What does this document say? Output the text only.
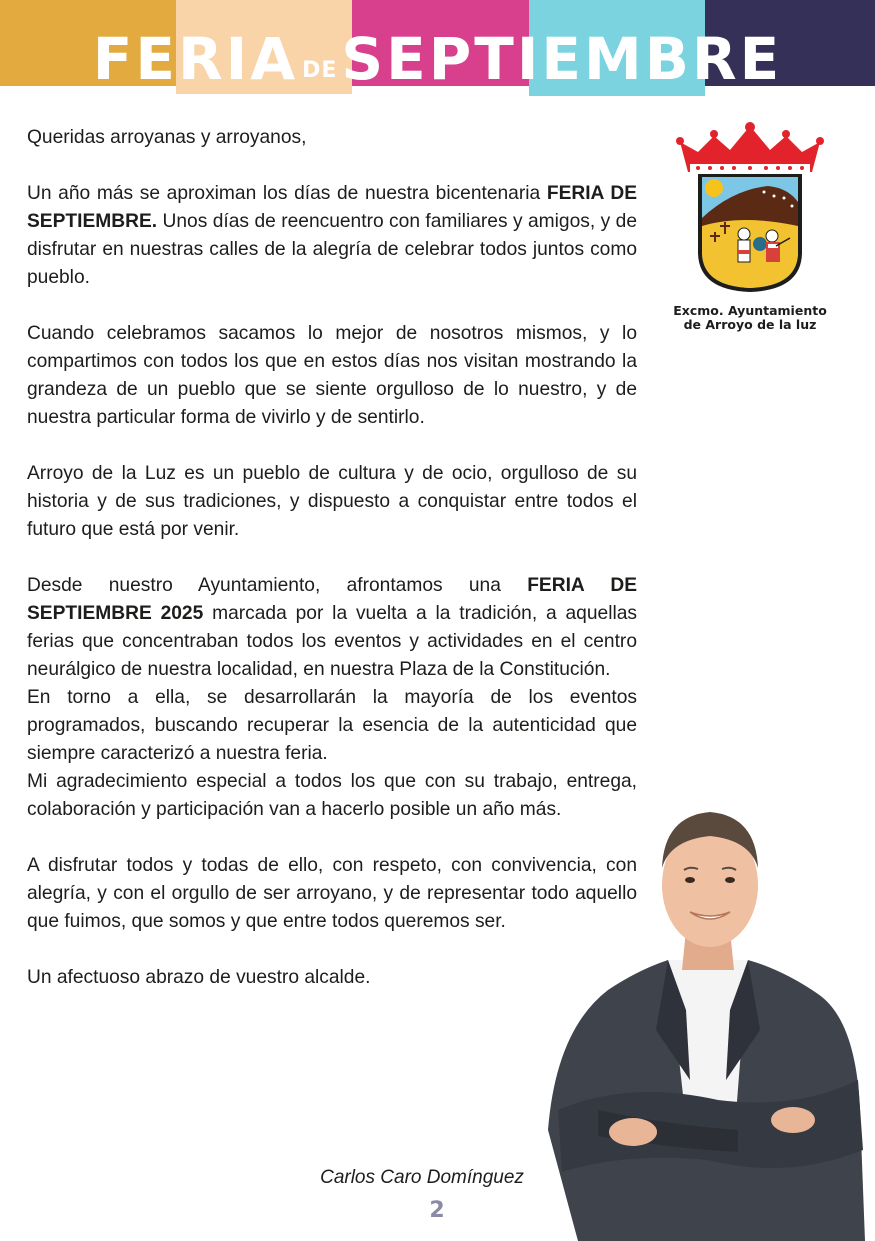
FERIA DE SEPTIEMBRE

Queridas arroyanas y arroyanos,

Un año más se aproximan los días de nuestra bicentenaria FERIA DE SEPTIEMBRE. Unos días de reencuentro con familiares y amigos, y de disfrutar en nuestras calles de la alegría de celebrar todos juntos como pueblo.

Cuando celebramos sacamos lo mejor de nosotros mismos, y lo compartimos con todos los que en estos días nos visitan mostrando la grandeza de un pueblo que se siente orgulloso de lo nuestro, y de nuestra particular forma de vivirlo y de sentirlo.

Arroyo de la Luz es un pueblo de cultura y de ocio, orgulloso de su historia y de sus tradiciones, y dispuesto a conquistar entre todos el futuro que está por venir.

Desde nuestro Ayuntamiento, afrontamos una FERIA DE SEPTIEMBRE 2025 marcada por la vuelta a la tradición, a aquellas ferias que concentraban todos los eventos y actividades en el centro neurálgico de nuestra localidad, en nuestra Plaza de la Constitución.

En torno a ella, se desarrollarán la mayoría de los eventos programados, buscando recuperar la esencia de la autenticidad que siempre caracterizó a nuestra feria.

Mi agradecimiento especial a todos los que con su trabajo, entrega, colaboración y participación van a hacerlo posible un año más.

A disfrutar todos y todas de ello, con respeto, con convivencia, con alegría, y con el orgullo de ser arroyano, y de representar todo aquello que fuimos, que somos y que entre todos queremos ser.

Un afectuoso abrazo de vuestro alcalde.

Excmo. Ayuntamiento
de Arroyo de la luz
Carlos Caro Domínguez
2
